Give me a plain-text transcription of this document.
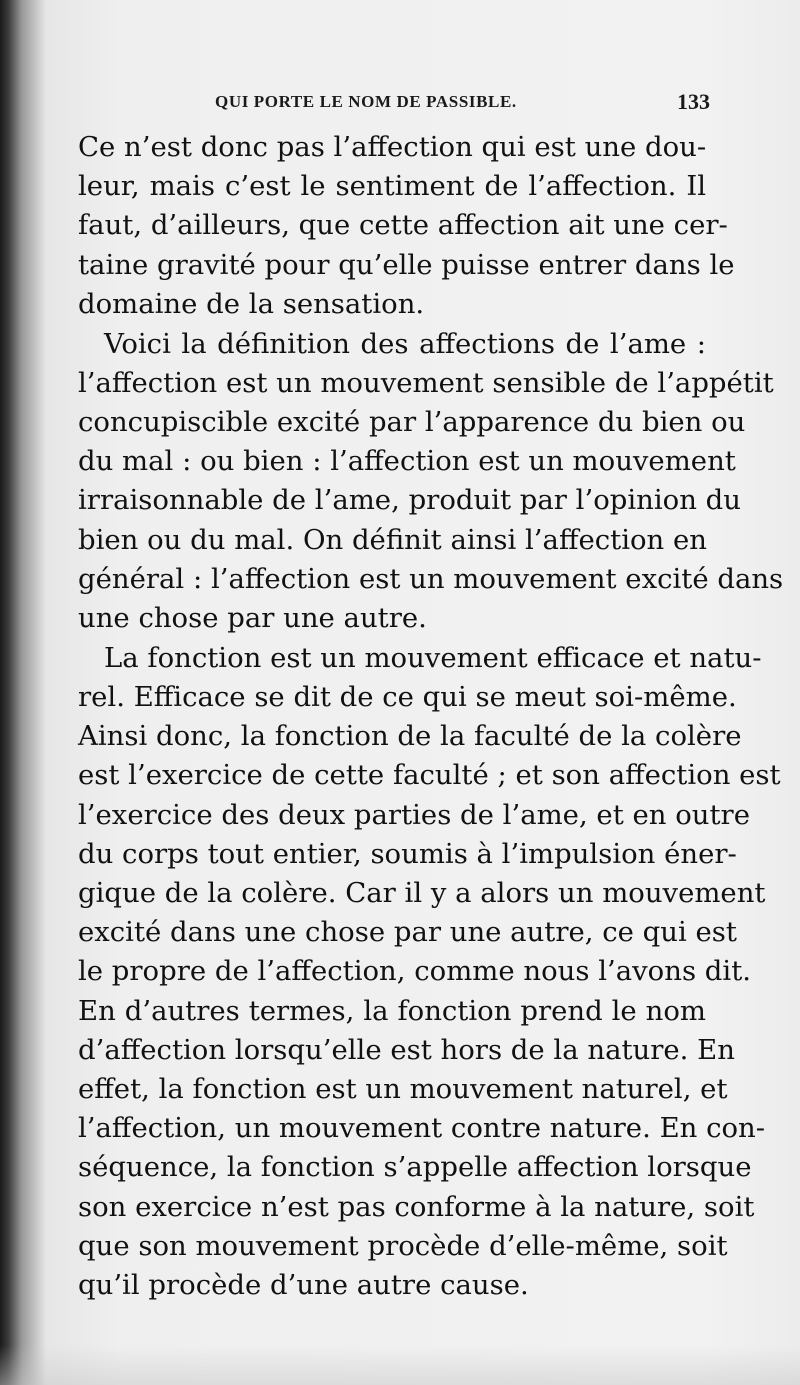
QUI PORTE LE NOM DE PASSIBLE.	133
Ce n’est donc pas l’affection qui est une dou-
leur, mais c’est le sentiment de l’affection. Il
faut, d’ailleurs, que cette affection ait une cer-
taine gravité pour qu’elle puisse entrer dans le
domaine de la sensation.
Voici la définition des affections de l’ame :
l’affection est un mouvement sensible de l’appétit
concupiscible excité par l’apparence du bien ou
du mal : ou bien : l’affection est un mouvement
irraisonnable de l’ame, produit par l’opinion du
bien ou du mal. On définit ainsi l’affection en
général : l’affection est un mouvement excité dans
une chose par une autre.
La fonction est un mouvement efficace et natu-
rel. Efficace se dit de ce qui se meut soi-même.
Ainsi donc, la fonction de la faculté de la colère
est l’exercice de cette faculté ; et son affection est
l’exercice des deux parties de l’ame, et en outre
du corps tout entier, soumis à l’impulsion éner-
gique de la colère. Car il y a alors un mouvement
excité dans une chose par une autre, ce qui est
le propre de l’affection, comme nous l’avons dit.
En d’autres termes, la fonction prend le nom
d’affection lorsqu’elle est hors de la nature. En
effet, la fonction est un mouvement naturel, et
l’affection, un mouvement contre nature. En con-
séquence, la fonction s’appelle affection lorsque
son exercice n’est pas conforme à la nature, soit
que son mouvement procède d’elle-même, soit
qu’il procède d’une autre cause.
